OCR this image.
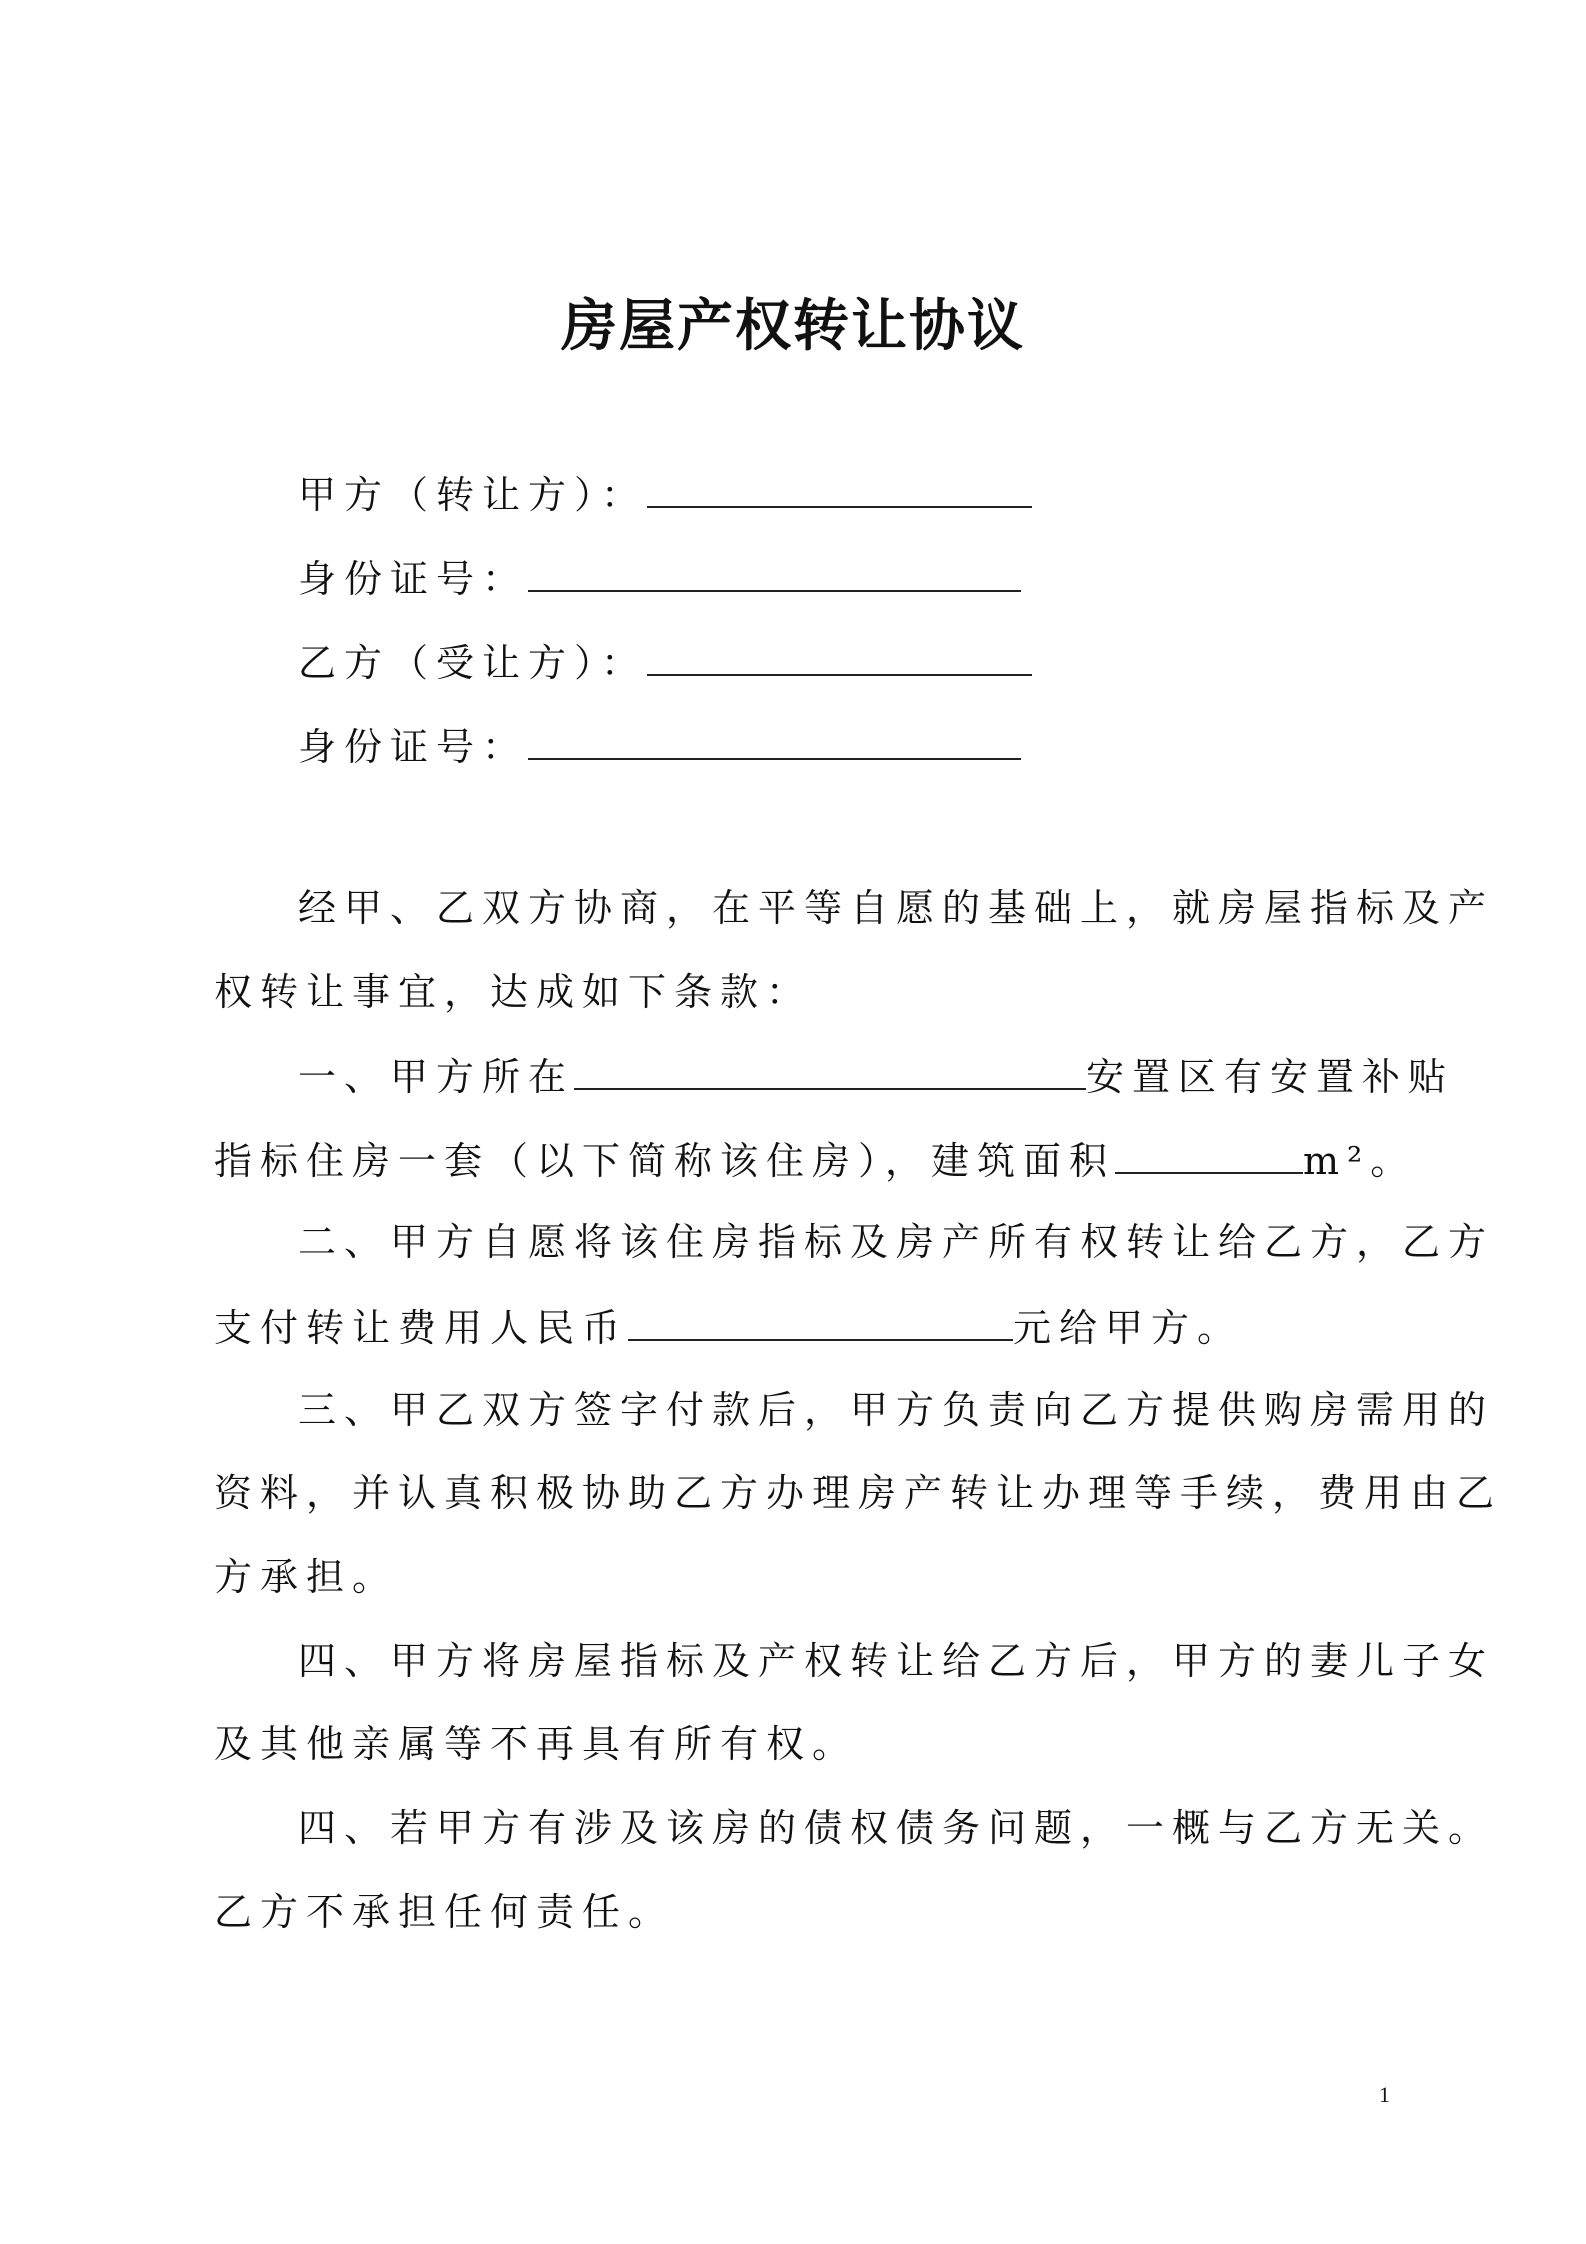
房屋产权转让协议
甲方（转让方）：
身份证号：
乙方（受让方）：
身份证号：
经甲、乙双方协商，在平等自愿的基础上，就房屋指标及产
权转让事宜，达成如下条款：
一、甲方所在	安置区有安置补贴
指标住房一套（以下简称该住房），建筑面积	m²。
二、甲方自愿将该住房指标及房产所有权转让给乙方，乙方
支付转让费用人民币	元给甲方。
三、甲乙双方签字付款后，甲方负责向乙方提供购房需用的
资料，并认真积极协助乙方办理房产转让办理等手续，费用由乙
方承担。
四、甲方将房屋指标及产权转让给乙方后，甲方的妻儿子女
及其他亲属等不再具有所有权。
四、若甲方有涉及该房的债权债务问题，一概与乙方无关。
乙方不承担任何责任。
1
